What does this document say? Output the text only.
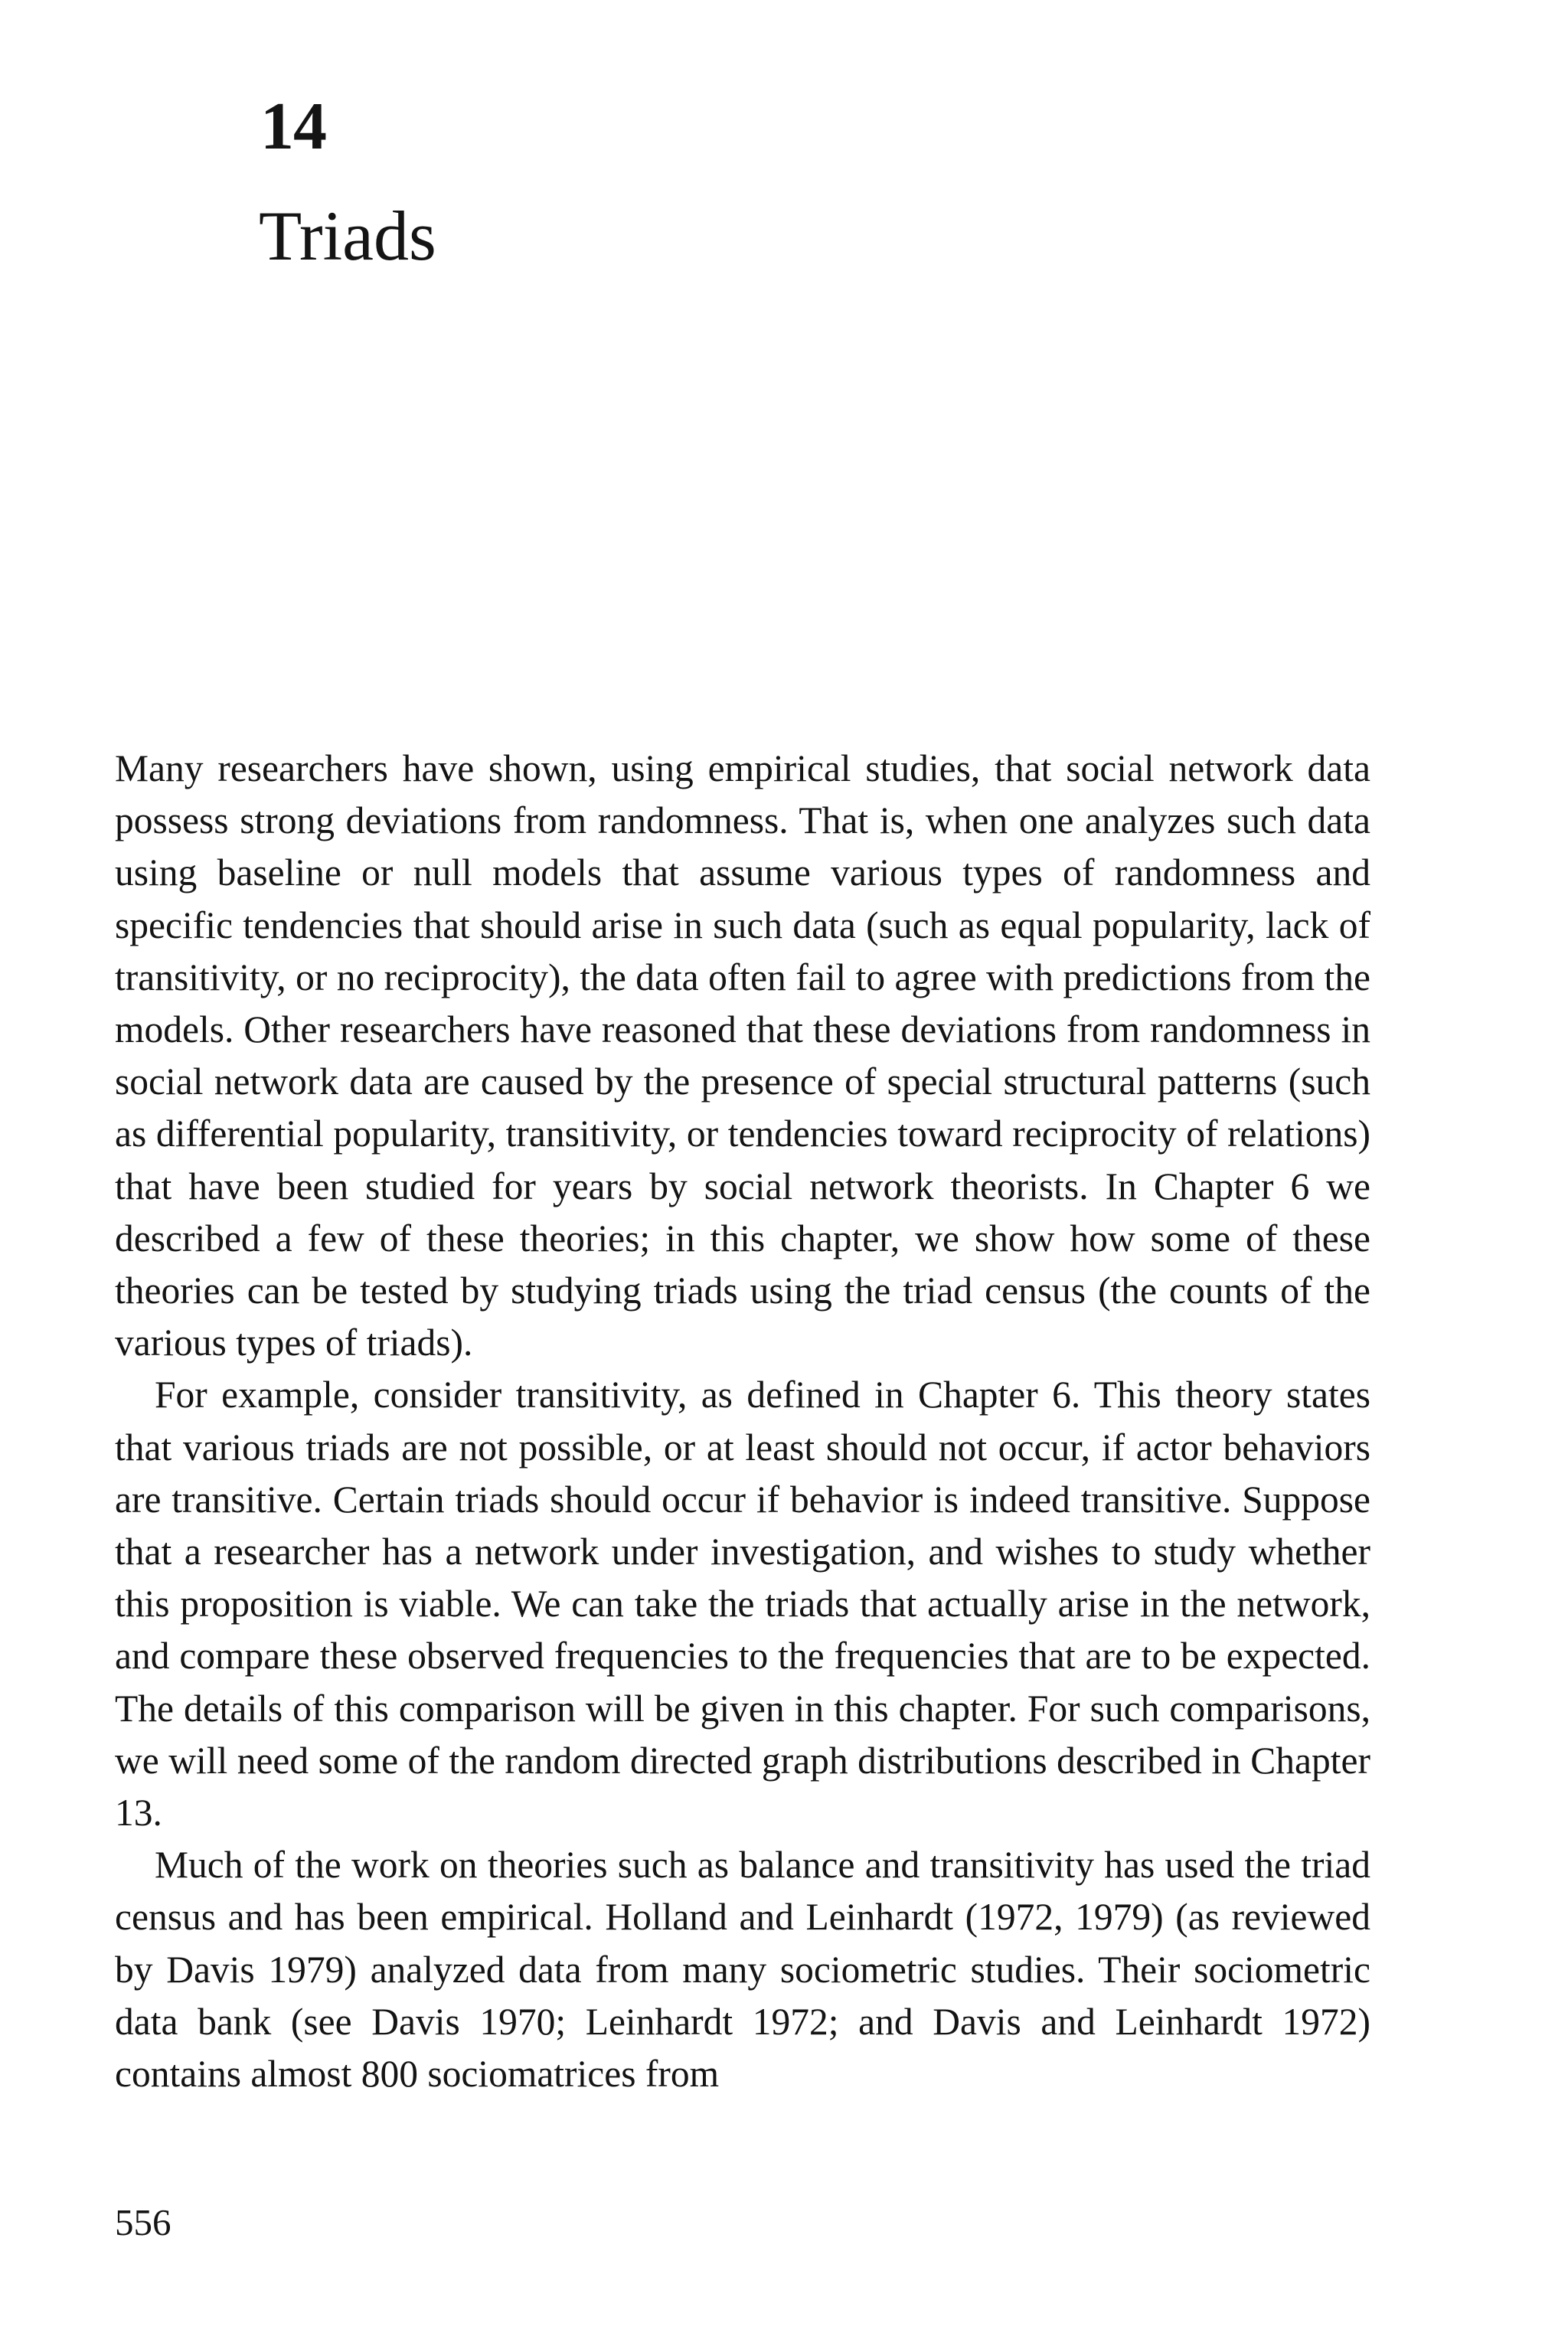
14
Triads

Many researchers have shown, using empirical studies, that social network data possess strong deviations from randomness. That is, when one analyzes such data using baseline or null models that assume various types of randomness and specific tendencies that should arise in such data (such as equal popularity, lack of transitivity, or no reciprocity), the data often fail to agree with predictions from the models. Other researchers have reasoned that these deviations from randomness in social network data are caused by the presence of special structural patterns (such as differential popularity, transitivity, or tendencies toward reciprocity of relations) that have been studied for years by social network theorists. In Chapter 6 we described a few of these theories; in this chapter, we show how some of these theories can be tested by studying triads using the triad census (the counts of the various types of triads).

For example, consider transitivity, as defined in Chapter 6. This theory states that various triads are not possible, or at least should not occur, if actor behaviors are transitive. Certain triads should occur if behavior is indeed transitive. Suppose that a researcher has a network under investigation, and wishes to study whether this proposition is viable. We can take the triads that actually arise in the network, and compare these observed frequencies to the frequencies that are to be expected. The details of this comparison will be given in this chapter. For such comparisons, we will need some of the random directed graph distributions described in Chapter 13.

Much of the work on theories such as balance and transitivity has used the triad census and has been empirical. Holland and Leinhardt (1972, 1979) (as reviewed by Davis 1979) analyzed data from many sociometric studies. Their sociometric data bank (see Davis 1970; Leinhardt 1972; and Davis and Leinhardt 1972) contains almost 800 sociomatrices from

556
